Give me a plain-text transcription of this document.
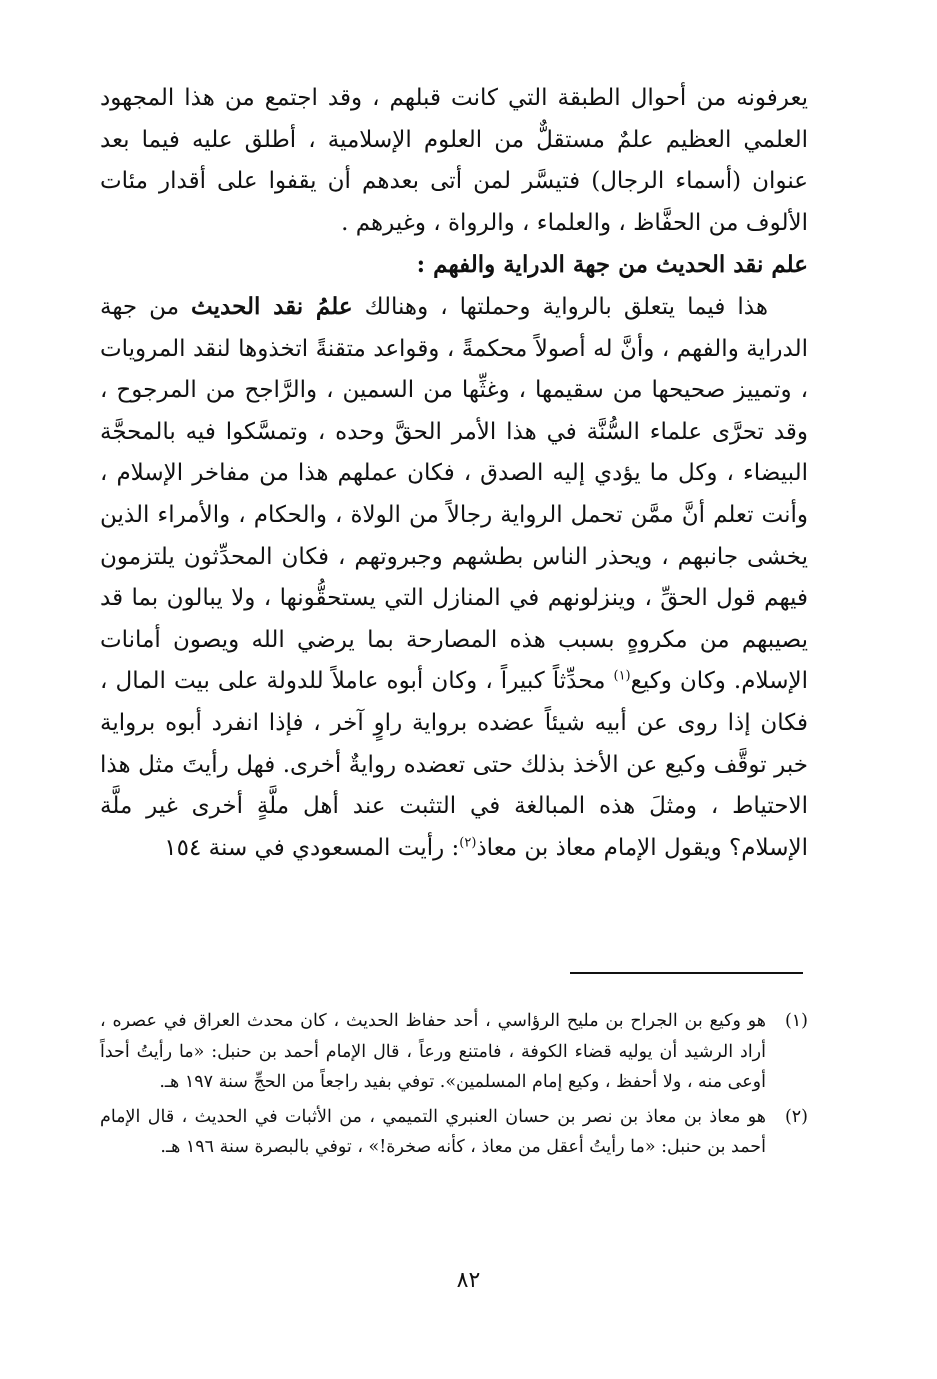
يعرفونه من أحوال الطبقة التي كانت قبلهم ، وقد اجتمع من هذا المجهود العلمي العظيم علمٌ مستقلٌّ من العلوم الإسلامية ، أطلق عليه فيما بعد عنوان (أسماء الرجال) فتيسَّر لمن أتى بعدهم أن يقفوا على أقدار مئات الألوف من الحفَّاظ ، والعلماء ، والرواة ، وغيرهم .

علم نقد الحديث من جهة الدراية والفهم :

هذا فيما يتعلق بالرواية وحملتها ، وهنالك علمُ نقد الحديث من جهة الدراية والفهم ، وأنَّ له أصولاً محكمةً ، وقواعد متقنةً اتخذوها لنقد المرويات ، وتمييز صحيحها من سقيمها ، وغثِّها من السمين ، والرَّاجح من المرجوح ، وقد تحرَّى علماء السُّنَّة في هذا الأمر الحقَّ وحده ، وتمسَّكوا فيه بالمحجَّة البيضاء ، وكل ما يؤدي إليه الصدق ، فكان عملهم هذا من مفاخر الإسلام ، وأنت تعلم أنَّ ممَّن تحمل الرواية رجالاً من الولاة ، والحكام ، والأمراء الذين يخشى جانبهم ، ويحذر الناس بطشهم وجبروتهم ، فكان المحدِّثون يلتزمون فيهم قول الحقِّ ، وينزلونهم في المنازل التي يستحقُّونها ، ولا يبالون بما قد يصيبهم من مكروهٍ بسبب هذه المصارحة بما يرضي الله ويصون أمانات الإسلام. وكان وكيع$^{(١)}$ محدِّثاً كبيراً ، وكان أبوه عاملاً للدولة على بيت المال ، فكان إذا روى عن أبيه شيئاً عضده برواية راوٍ آخر ، فإذا انفرد أبوه برواية خبر توقَّف وكيع عن الأخذ بذلك حتى تعضده روايةٌ أخرى. فهل رأيتَ مثل هذا الاحتياط ، ومثلَ هذه المبالغة في التثبت عند أهل ملَّةٍ أخرى غير ملَّة الإسلام؟ ويقول الإمام معاذ بن معاذ$^{(٢)}$: رأيت المسعودي في سنة ١٥٤

(١)
هو وكيع بن الجراح بن مليح الرؤاسي ، أحد حفاظ الحديث ، كان محدث العراق في عصره ، أراد الرشيد أن يوليه قضاء الكوفة ، فامتنع ورعاً ، قال الإمام أحمد بن حنبل: «ما رأيتُ أحداً أوعى منه ، ولا أحفظ ، وكيع إمام المسلمين». توفي بفيد راجعاً من الحجِّ سنة ١٩٧ هـ.
(٢)
هو معاذ بن معاذ بن نصر بن حسان العنبري التميمي ، من الأثبات في الحديث ، قال الإمام أحمد بن حنبل: «ما رأيتُ أعقل من معاذ ، كأنه صخرة!» ، توفي بالبصرة سنة ١٩٦ هـ.
٨٢
